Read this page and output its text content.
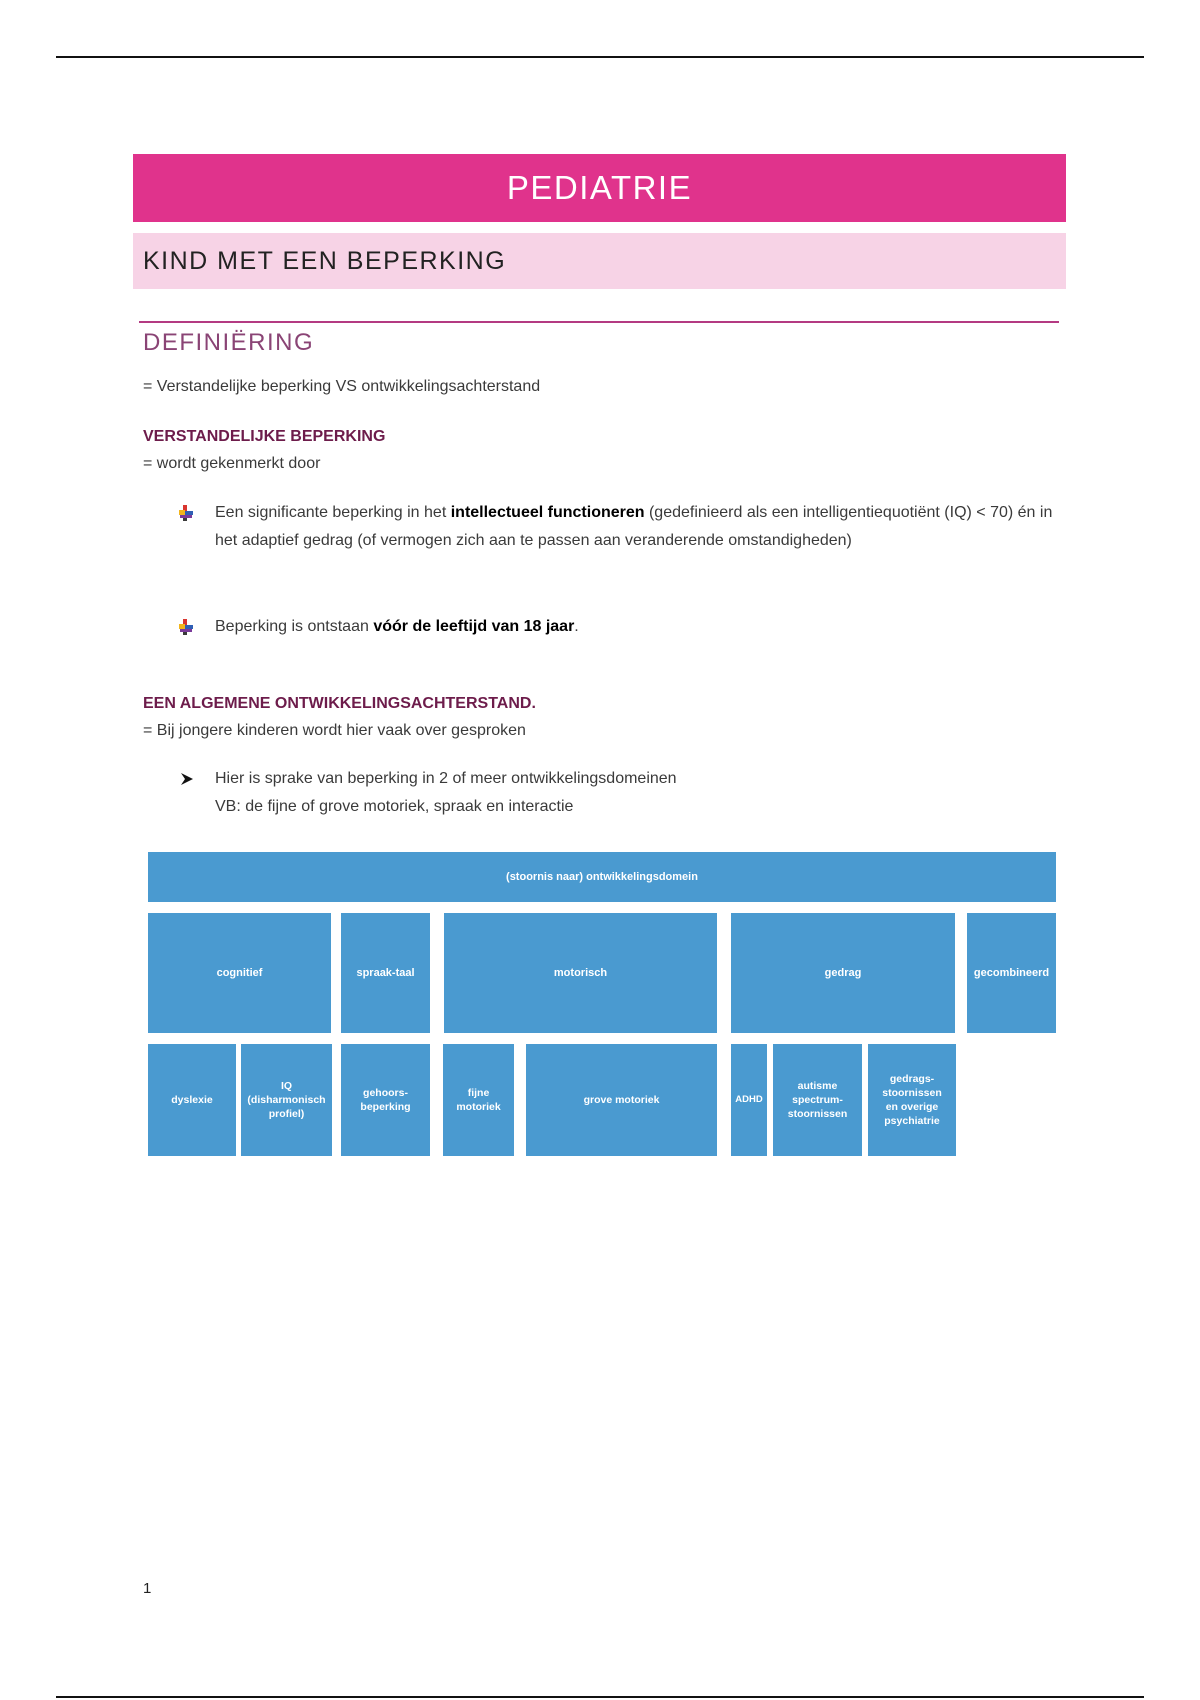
PEDIATRIE
KIND MET EEN BEPERKING
DEFINIËRING
= Verstandelijke beperking VS ontwikkelingsachterstand
VERSTANDELIJKE BEPERKING
= wordt gekenmerkt door
Een significante beperking in het intellectueel functioneren (gedefinieerd als een intelligentiequotiënt (IQ) < 70) én in het adaptief gedrag (of vermogen zich aan te passen aan veranderende omstandigheden)
Beperking is ontstaan vóór de leeftijd van 18 jaar.
EEN ALGEMENE ONTWIKKELINGSACHTERSTAND.
= Bij jongere kinderen wordt hier vaak over gesproken
Hier is sprake van beperking in 2 of meer ontwikkelingsdomeinen
VB: de fijne of grove motoriek, spraak en interactie
(stoornis naar) ontwikkelingsdomein
cognitief	spraak-taal	motorisch	gedrag	gecombineerd
dyslexie
IQ
(disharmonisch
profiel)
gehoors-
beperking
fijne
motoriek
grove motoriek	ADHD
autisme
spectrum-
stoornissen
gedrags-
stoornissen
en overige
psychiatrie
1
